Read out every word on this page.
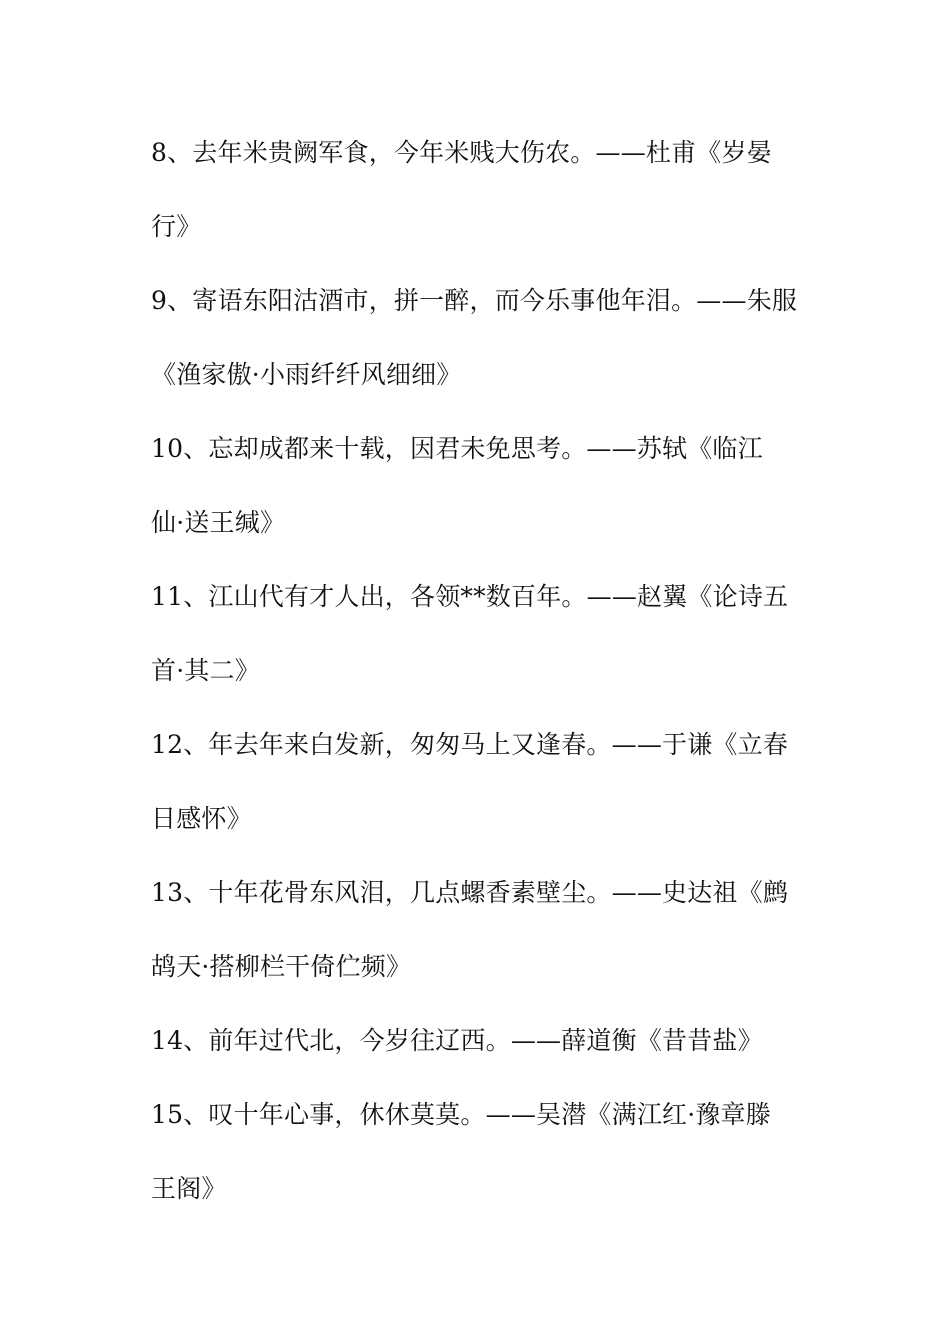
8、去年米贵阙军食，今年米贱大伤农。——杜甫《岁晏
行》
9、寄语东阳沽酒市，拼一醉，而今乐事他年泪。——朱服
《渔家傲·小雨纤纤风细细》
10、忘却成都来十载，因君未免思考。——苏轼《临江
仙·送王缄》
11、江山代有才人出，各领**数百年。——赵翼《论诗五
首·其二》
12、年去年来白发新，匆匆马上又逢春。——于谦《立春
日感怀》
13、十年花骨东风泪，几点螺香素壁尘。——史达祖《鹧
鸪天·搭柳栏干倚伫频》
14、前年过代北，今岁往辽西。——薛道衡《昔昔盐》
15、叹十年心事，休休莫莫。——吴潜《满江红·豫章滕
王阁》
